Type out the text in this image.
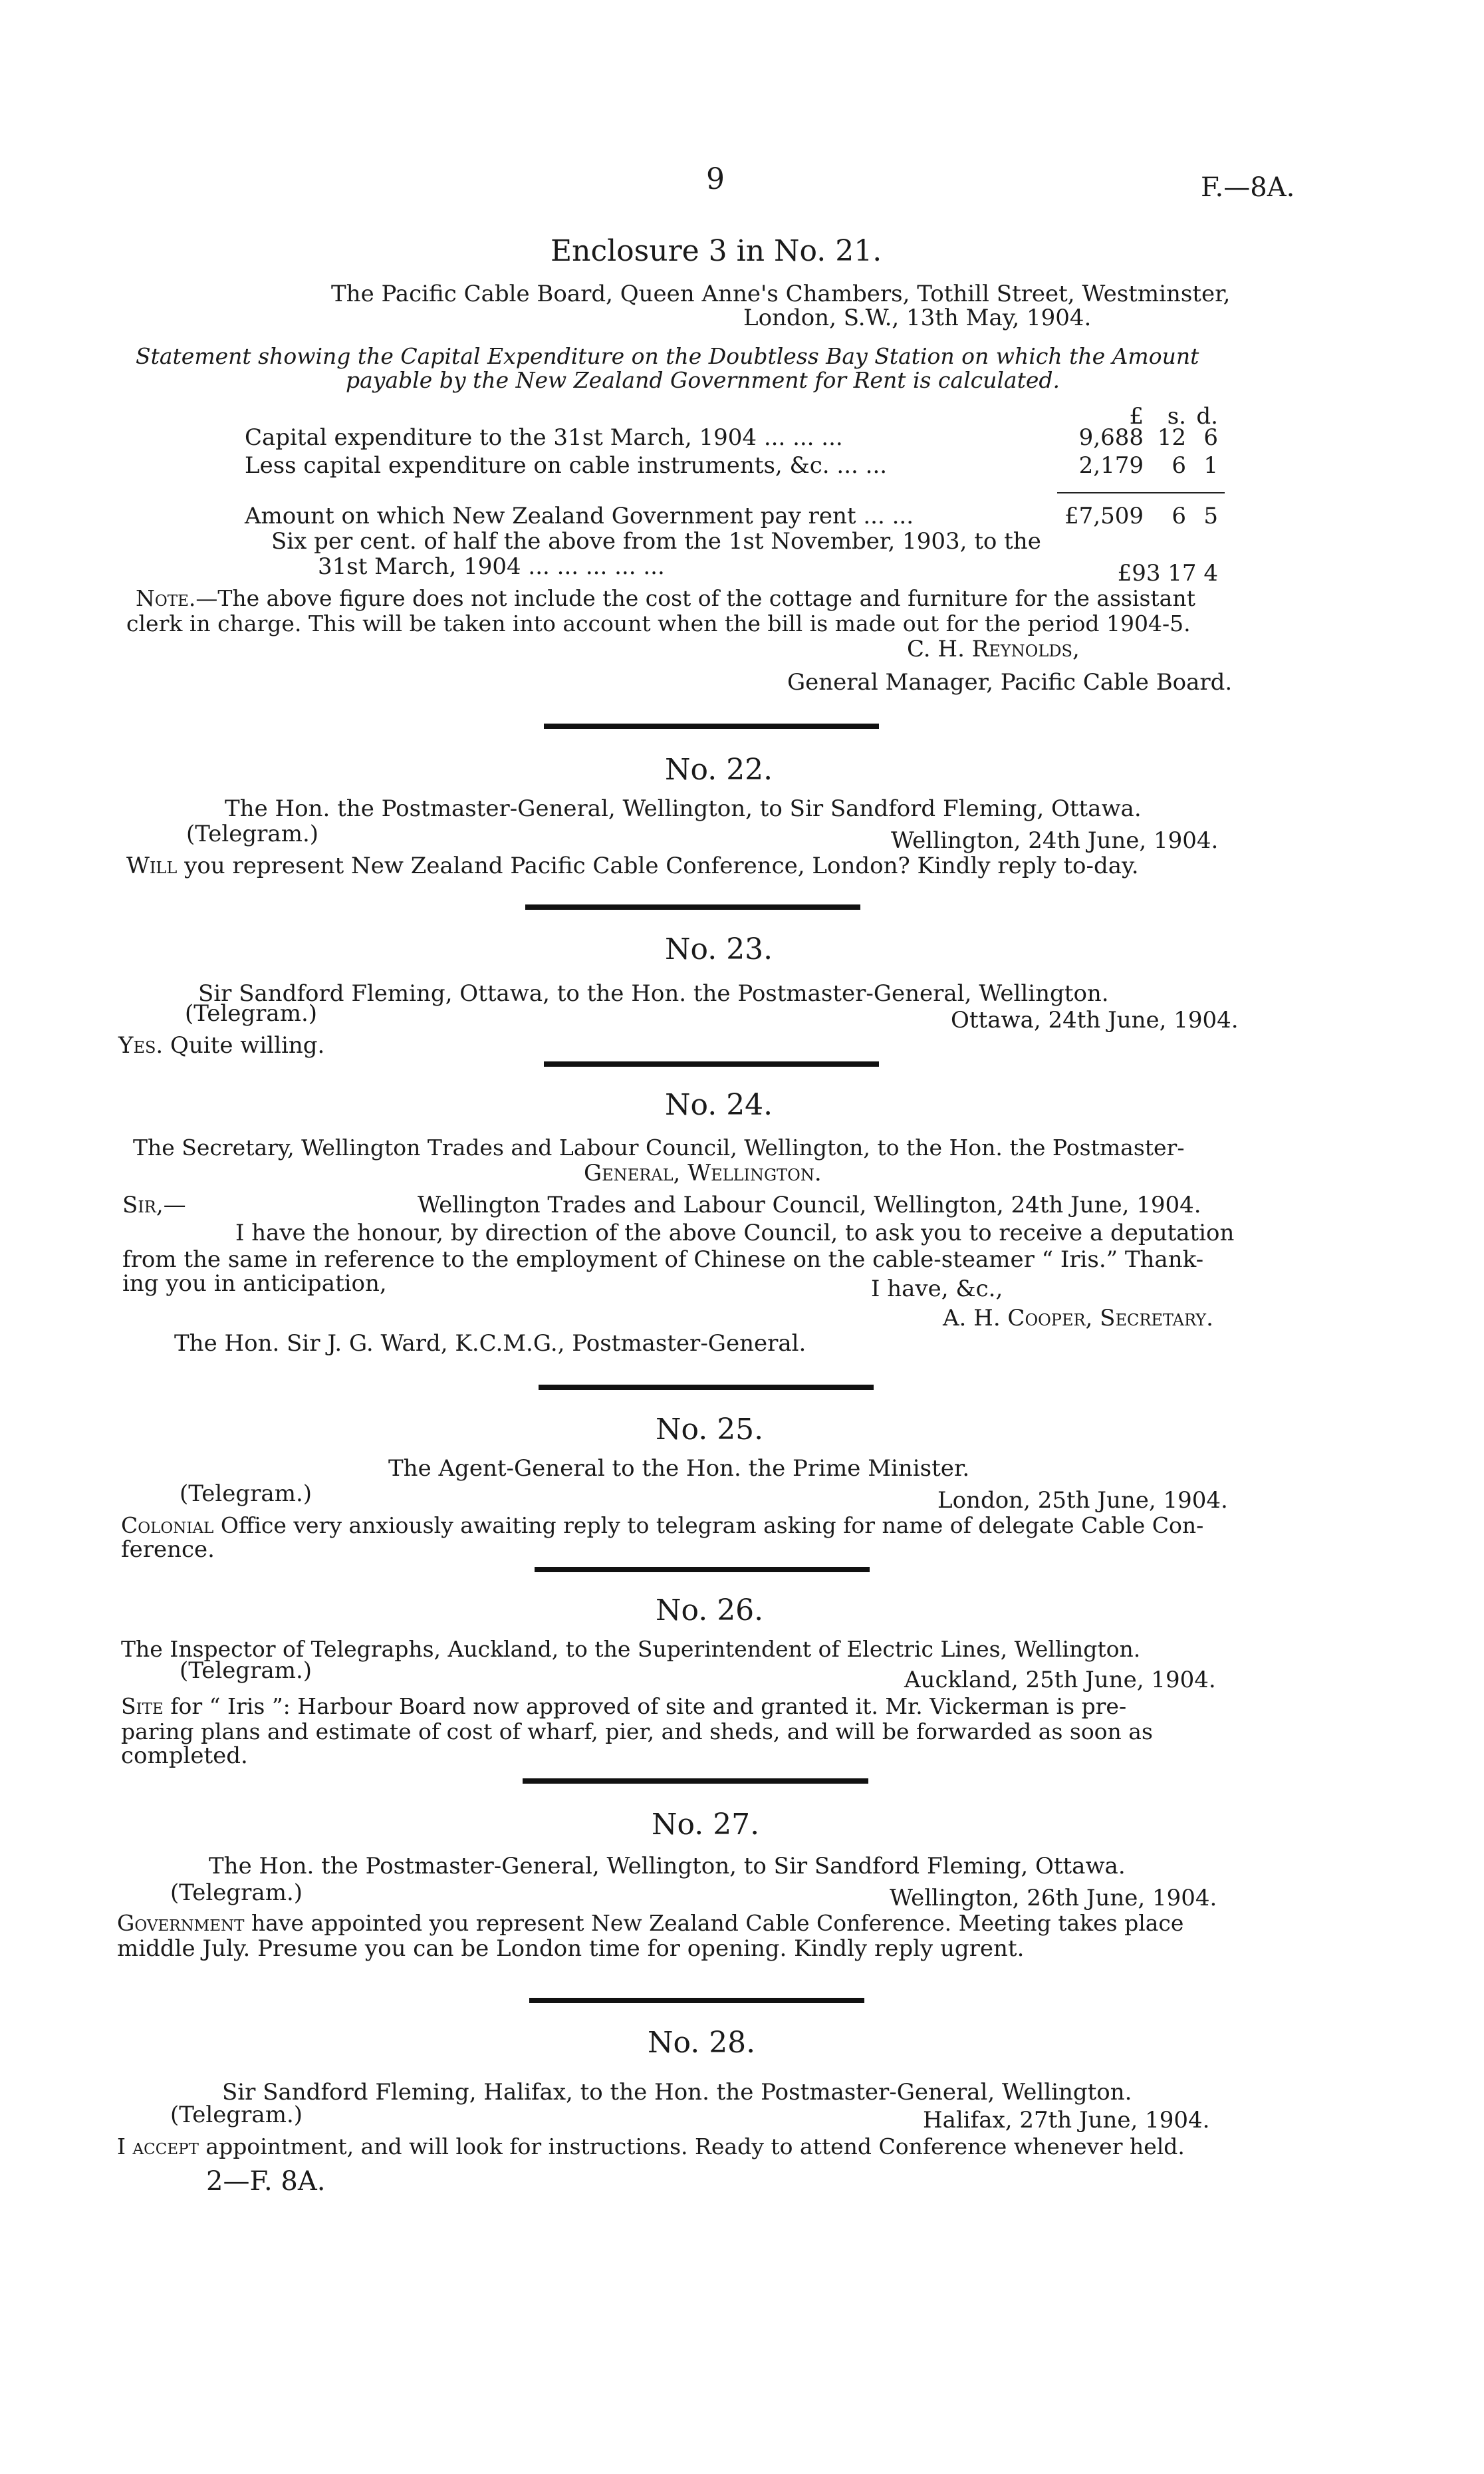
9	F.—8A.
Enclosure 3 in No. 21.
The Pacific Cable Board, Queen Anne's Chambers, Tothill Street, Westminster,
London, S.W., 13th May, 1904.
Statement showing the Capital Expenditure on the Doubtless Bay Station on which the Amount
payable by the New Zealand Government for Rent is calculated.
£	s. d.
Capital expenditure to the 31st March, 1904 ... ... ...	9,688 12 6
Less capital expenditure on cable instruments, &c. ... ...	2,179	6 1
Amount on which New Zealand Government pay rent ... ...	£7,509	6 5
Six per cent. of half the above from the 1st November, 1903, to the
31st March, 1904 ... ... ... ... ...	£93 17 4
Note.—The above figure does not include the cost of the cottage and furniture for the assistant
clerk in charge. This will be taken into account when the bill is made out for the period 1904-5.
C. H. Reynolds,
General Manager, Pacific Cable Board.
No. 22.
The Hon. the Postmaster-General, Wellington, to Sir Sandford Fleming, Ottawa.
(Telegram.)	Wellington, 24th June, 1904.
Will you represent New Zealand Pacific Cable Conference, London? Kindly reply to-day.
No. 23.
Sir Sandford Fleming, Ottawa, to the Hon. the Postmaster-General, Wellington.
(Telegram.)	Ottawa, 24th June, 1904.
Yes. Quite willing.
No. 24.
The Secretary, Wellington Trades and Labour Council, Wellington, to the Hon. the Postmaster-
General, Wellington.
Sir,—	Wellington Trades and Labour Council, Wellington, 24th June, 1904.
I have the honour, by direction of the above Council, to ask you to receive a deputation
from the same in reference to the employment of Chinese on the cable-steamer “ Iris.” Thank-
ing you in anticipation,	I have, &c.,
A. H. Cooper, Secretary.
The Hon. Sir J. G. Ward, K.C.M.G., Postmaster-General.
No. 25.
The Agent-General to the Hon. the Prime Minister.
(Telegram.)	London, 25th June, 1904.
Colonial Office very anxiously awaiting reply to telegram asking for name of delegate Cable Con-
ference.
No. 26.
The Inspector of Telegraphs, Auckland, to the Superintendent of Electric Lines, Wellington.
(Telegram.)	Auckland, 25th June, 1904.
Site for “ Iris ”: Harbour Board now approved of site and granted it. Mr. Vickerman is pre-
paring plans and estimate of cost of wharf, pier, and sheds, and will be forwarded as soon as
completed.
No. 27.
The Hon. the Postmaster-General, Wellington, to Sir Sandford Fleming, Ottawa.
(Telegram.)	Wellington, 26th June, 1904.
Government have appointed you represent New Zealand Cable Conference. Meeting takes place
middle July. Presume you can be London time for opening. Kindly reply ugrent.
No. 28.
Sir Sandford Fleming, Halifax, to the Hon. the Postmaster-General, Wellington.
(Telegram.)	Halifax, 27th June, 1904.
I accept appointment, and will look for instructions. Ready to attend Conference whenever held.
2—F. 8A.
